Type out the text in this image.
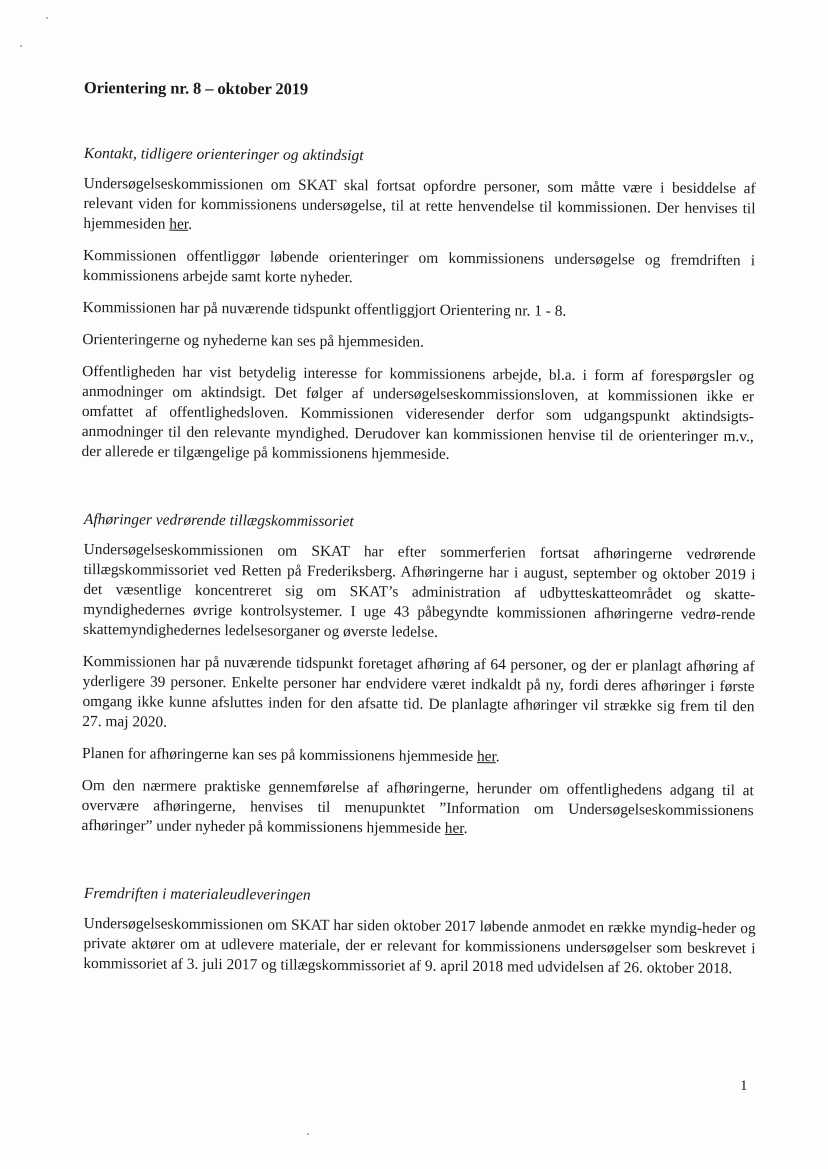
Orientering nr. 8 – oktober 2019
Kontakt, tidligere orienteringer og aktindsigt

Undersøgelseskommissionen om SKAT skal fortsat opfordre personer, som måtte være i besiddelse af relevant viden for kommissionens undersøgelse, til at rette henvendelse til kommissionen. Der henvises til hjemmesiden her.

Kommissionen offentliggør løbende orienteringer om kommissionens undersøgelse og fremdriften i kommissionens arbejde samt korte nyheder.

Kommissionen har på nuværende tidspunkt offentliggjort Orientering nr. 1 - 8.

Orienteringerne og nyhederne kan ses på hjemmesiden.

Offentligheden har vist betydelig interesse for kommissionens arbejde, bl.a. i form af forespørgsler og anmodninger om aktindsigt. Det følger af undersøgelseskommissionsloven, at kommissionen ikke er omfattet af offentlighedsloven. Kommissionen videresender derfor som udgangspunkt aktindsigts-anmodninger til den relevante myndighed. Derudover kan kommissionen henvise til de orienteringer m.v., der allerede er tilgængelige på kommissionens hjemmeside.

Afhøringer vedrørende tillægskommissoriet

Undersøgelseskommissionen om SKAT har efter sommerferien fortsat afhøringerne vedrørende tillægskommissoriet ved Retten på Frederiksberg. Afhøringerne har i august, september og oktober 2019 i det væsentlige koncentreret sig om SKAT’s administration af udbytteskatteområdet og skatte-myndighedernes øvrige kontrolsystemer. I uge 43 påbegyndte kommissionen afhøringerne vedrø-rende skattemyndighedernes ledelsesorganer og øverste ledelse.

Kommissionen har på nuværende tidspunkt foretaget afhøring af 64 personer, og der er planlagt afhøring af yderligere 39 personer. Enkelte personer har endvidere været indkaldt på ny, fordi deres afhøringer i første omgang ikke kunne afsluttes inden for den afsatte tid. De planlagte afhøringer vil strække sig frem til den 27. maj 2020.

Planen for afhøringerne kan ses på kommissionens hjemmeside her.

Om den nærmere praktiske gennemførelse af afhøringerne, herunder om offentlighedens adgang til at overvære afhøringerne, henvises til menupunktet ”Information om Undersøgelseskommissionens afhøringer” under nyheder på kommissionens hjemmeside her.

Fremdriften i materialeudleveringen

Undersøgelseskommissionen om SKAT har siden oktober 2017 løbende anmodet en række myndig-heder og private aktører om at udlevere materiale, der er relevant for kommissionens undersøgelser som beskrevet i kommissoriet af 3. juli 2017 og tillægskommissoriet af 9. april 2018 med udvidelsen af 26. oktober 2018.

1
